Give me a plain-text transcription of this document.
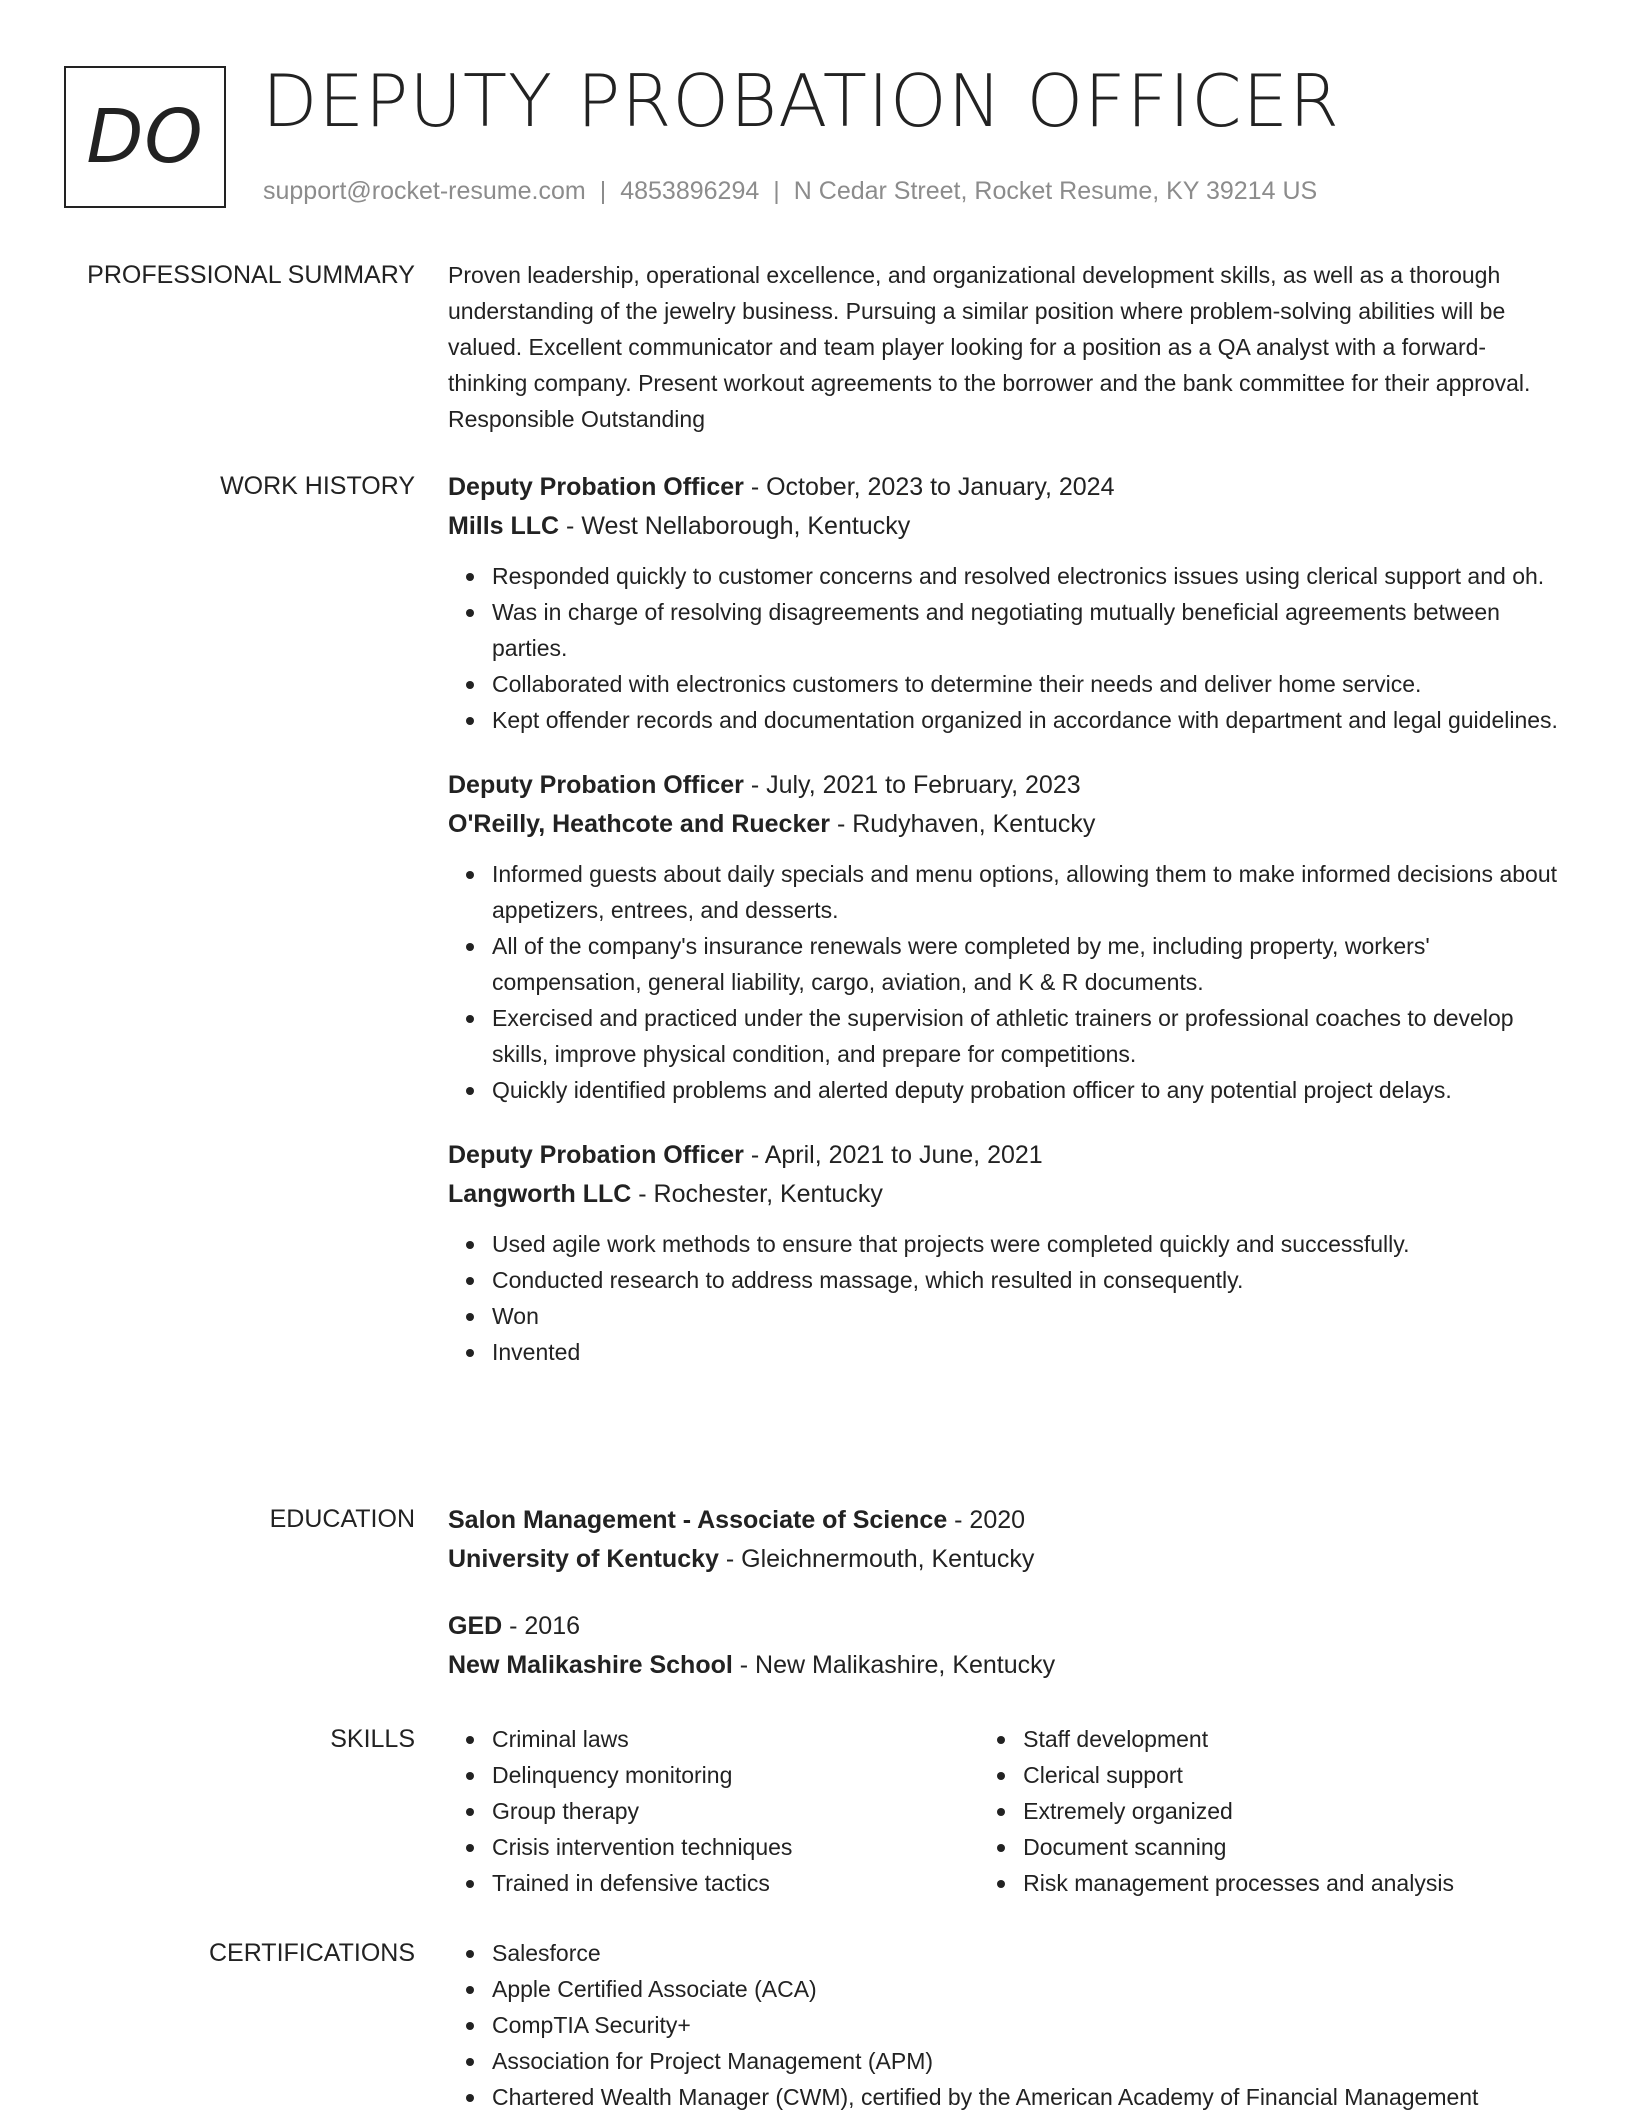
DO DEPUTY PROBATION OFFICER
support@rocket-resume.com | 4853896294 | N Cedar Street, Rocket Resume, KY 39214 US
PROFESSIONAL SUMMARY Proven leadership, operational excellence, and organizational development skills, as well as a thorough understanding of the jewelry business. Pursuing a similar position where problem-solving abilities will be valued. Excellent communicator and team player looking for a position as a QA analyst with a forward-thinking company. Present workout agreements to the borrower and the bank committee for their approval. Responsible Outstanding

WORK HISTORY Deputy Probation Officer - October, 2023 to January, 2024
Mills LLC - West Nellaborough, Kentucky
Responded quickly to customer concerns and resolved electronics issues using clerical support and oh.
Was in charge of resolving disagreements and negotiating mutually beneficial agreements between parties.
Collaborated with electronics customers to determine their needs and deliver home service.
Kept offender records and documentation organized in accordance with department and legal guidelines.
Deputy Probation Officer - July, 2021 to February, 2023
O'Reilly, Heathcote and Ruecker - Rudyhaven, Kentucky
Informed guests about daily specials and menu options, allowing them to make informed decisions about appetizers, entrees, and desserts.
All of the company's insurance renewals were completed by me, including property, workers' compensation, general liability, cargo, aviation, and K & R documents.
Exercised and practiced under the supervision of athletic trainers or professional coaches to develop skills, improve physical condition, and prepare for competitions.
Quickly identified problems and alerted deputy probation officer to any potential project delays.
Deputy Probation Officer - April, 2021 to June, 2021
Langworth LLC - Rochester, Kentucky
Used agile work methods to ensure that projects were completed quickly and successfully.
Conducted research to address massage, which resulted in consequently.
Won
Invented
EDUCATION Salon Management - Associate of Science - 2020
University of Kentucky - Gleichnermouth, Kentucky
GED - 2016
New Malikashire School - New Malikashire, Kentucky
SKILLS	Criminal laws
Delinquency monitoring
Group therapy
Crisis intervention techniques
Trained in defensive tactics
Staff development
Clerical support
Extremely organized
Document scanning
Risk management processes and analysis
CERTIFICATIONS	Salesforce
Apple Certified Associate (ACA)
CompTIA Security+
Association for Project Management (APM)
Chartered Wealth Manager (CWM), certified by the American Academy of Financial Management
